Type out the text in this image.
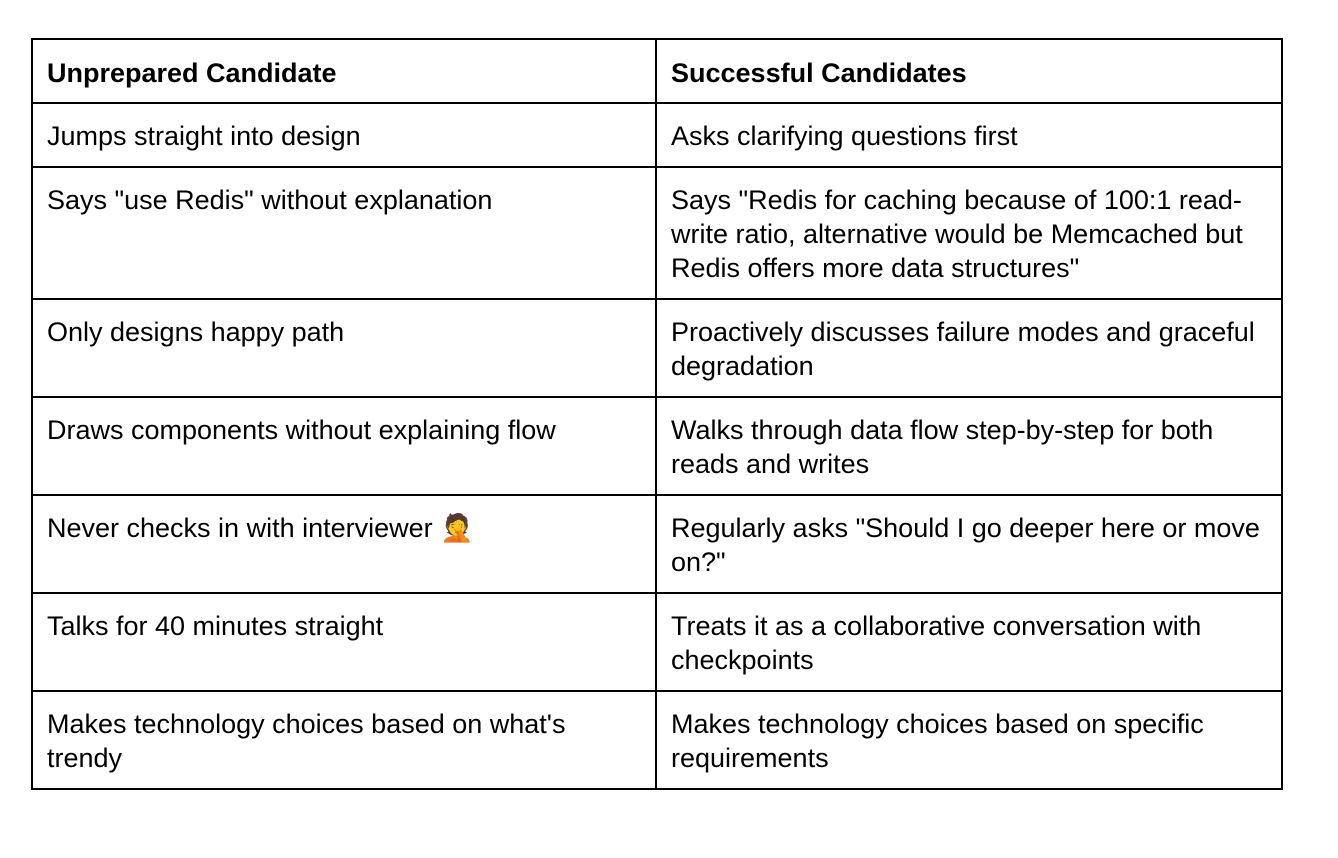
Unprepared Candidate	Successful Candidates
Jumps straight into design	Asks clarifying questions first
Says "use Redis" without explanation	Says "Redis for caching because of 100:1 read-write ratio, alternative would be Memcached but Redis offers more data structures"
Only designs happy path	Proactively discusses failure modes and graceful degradation
Draws components without explaining flow	Walks through data flow step-by-step for both reads and writes
Never checks in with interviewer 🤦	Regularly asks "Should I go deeper here or move on?"
Talks for 40 minutes straight	Treats it as a collaborative conversation with checkpoints
Makes technology choices based on what's trendy	Makes technology choices based on specific requirements
